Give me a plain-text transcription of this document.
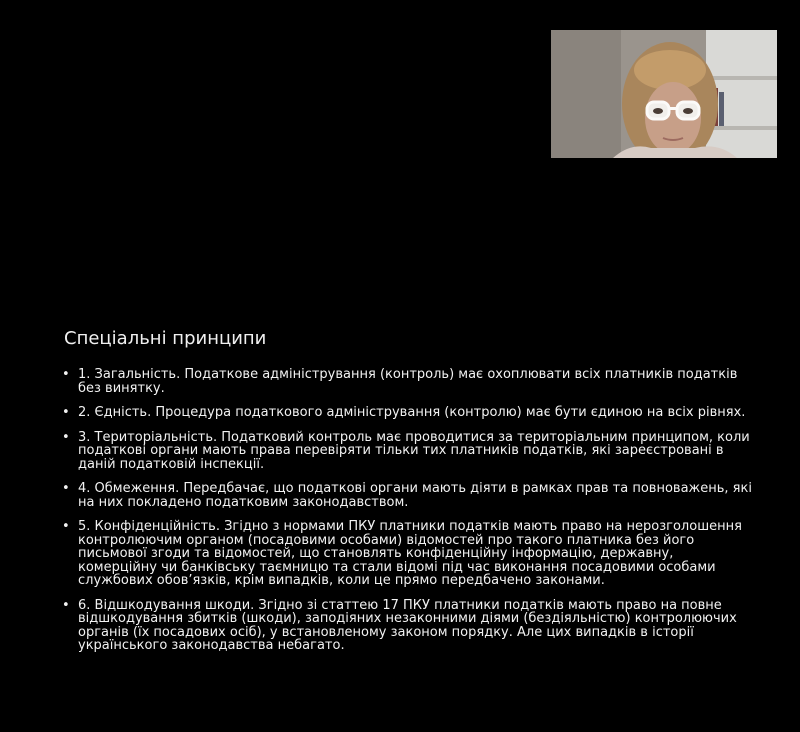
Спеціальні принципи
• 1. Загальність. Податкове адміністрування (контроль) має охоплювати всіх платників податків без винятку.
• 2. Єдність. Процедура податкового адміністрування (контролю) має бути єдиною на всіх рівнях.
• 3. Територіальність. Податковий контроль має проводитися за територіальним принципом, коли податкові органи мають права перевіряти тільки тих платників податків, які зареєстровані в даній податковій інспекції.
• 4. Обмеження. Передбачає, що податкові органи мають діяти в рамках прав та повноважень, які на них покладено податковим законодавством.
• 5. Конфіденційність. Згідно з нормами ПКУ платники податків мають право на нерозголошення контролюючим органом (посадовими особами) відомостей про такого платника без його письмової згоди та відомостей, що становлять конфіденційну інформацію, державну, комерційну чи банківську таємницю та стали відомі під час виконання посадовими особами службових обов’язків, крім випадків, коли це прямо передбачено законами.
• 6. Відшкодування шкоди. Згідно зі статтею 17 ПКУ платники податків мають право на повне відшкодування збитків (шкоди), заподіяних незаконними діями (бездіяльністю) контролюючих органів (їх посадових осіб), у встановленому законом порядку. Але цих випадків в історії українського законодавства небагато.
